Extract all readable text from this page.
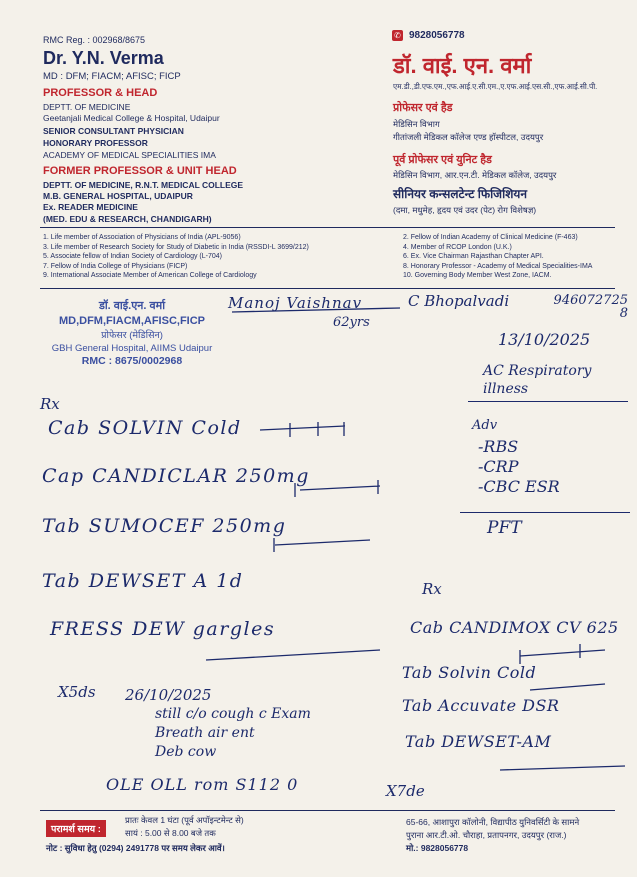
RMC Reg. : 002968/8675
Dr. Y.N. Verma
MD : DFM; FIACM; AFISC; FICP
PROFESSOR & HEAD
DEPTT. OF MEDICINE
Geetanjali Medical College & Hospital, Udaipur
SENIOR CONSULTANT PHYSICIAN
HONORARY PROFESSOR
ACADEMY OF MEDICAL SPECIALITIES IMA
FORMER PROFESSOR & UNIT HEAD
DEPTT. OF MEDICINE, R.N.T. MEDICAL COLLEGE
M.B. GENERAL HOSPITAL, UDAIPUR
Ex. READER MEDICINE
(MED. EDU & RESEARCH, CHANDIGARH)
✆ 9828056778
डॉ. वाई. एन. वर्मा
एम.डी.,डी.एफ.एम.,एफ.आई.ए.सी.एम.,ए.एफ.आई.एस.सी.,एफ.आई.सी.पी.
प्रोफेसर एवं हैड
मेडिसिन विभाग
गीतांजली मेडिकल कॉलेज एण्ड हॉस्पीटल, उदयपुर
पूर्व प्रोफेसर एवं युनिट हैड
मेडिसिन विभाग, आर.एन.टी. मेडिकल कॉलेज, उदयपुर
सीनियर कन्सलटेन्ट फिजिशियन
(दमा, मधुमेह, हृदय एवं उदर (पेट) रोग विशेषज्ञ)
1. Life member of Association of Physicians of India (APL-9056)
3. Life member of Research Society for Study of Diabetic in India (RSSDI-L 3699/212)
5. Associate fellow of Indian Society of Cardiology (L-704)
7. Fellow of India College of Physicians (FICP)
9. International Associate Member of American College of Cardiology
2. Fellow of Indian Academy of Clinical Medicine (F-463)
4. Member of RCOP London (U.K.)
6. Ex. Vice Chairman Rajasthan Chapter API.
8. Honorary Professor - Academy of Medical Specialities-IMA
10. Governing Body Member West Zone, IACM.
डॉ. वाई.एन. वर्मा
MD,DFM,FIACM,AFISC,FICP
प्रोफेसर (मेडिसिन)
GBH General Hospital, AIIMS Udaipur
RMC : 8675/0002968
Manoj Vaishnav	C Bhopalvadi	9460727258
62yrs
13/10/2025
AC Respiratory illness
Rx
Cab SOLVIN Cold
Cap CANDICLAR 250mg
Tab SUMOCEF 250mg
Tab DEWSET A 1d
FRESS DEW gargles
Adv
-RBS
-CRP
-CBC ESR
PFT
X5ds 26/10/2025
still c/o cough c Exam
Breath air ent
Deb cow
Rx
Cab CANDIMOX CV 625
Tab Solvin Cold
Tab Accuvate DSR
Tab DEWSET-AM
X7de
OLE OLL rom S112 0
परामर्श समय :
प्रातः केवल 1 घंटा (पूर्व अपॉइन्टमेन्ट से)
सायं : 5.00 से 8.00 बजे तक
नोट : सुविधा हेतु (0294) 2491778 पर समय लेकर आवें।
65-66, आशापुरा कॉलोनी, विद्यापीठ युनिवर्सिटी के सामने
पुराना आर.टी.ओ. चौराहा, प्रतापनगर, उदयपुर (राज.)
मो.: 9828056778
